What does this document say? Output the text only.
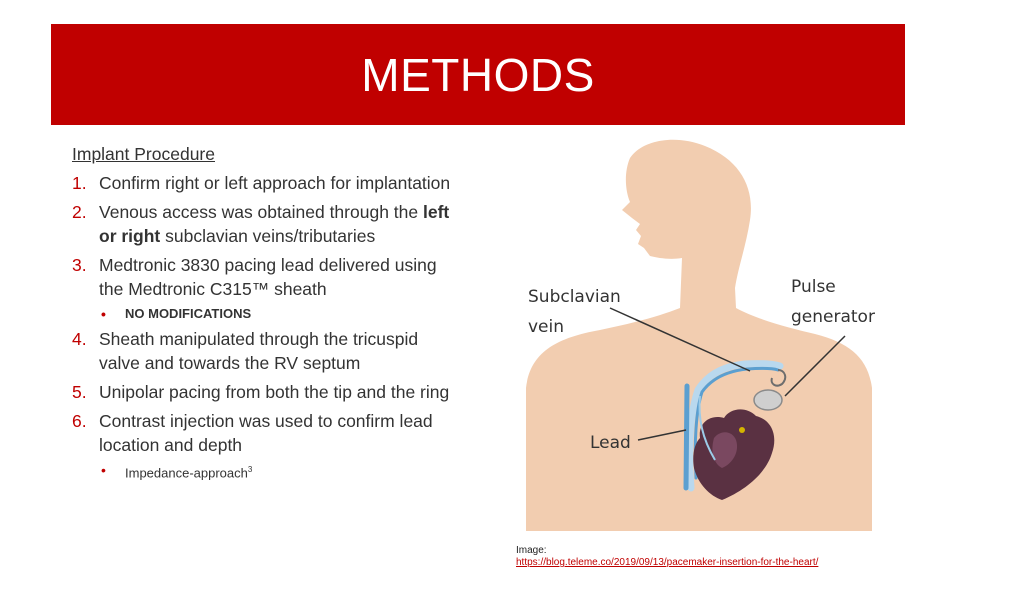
METHODS
Implant Procedure
1. Confirm right or left approach for implantation
2. Venous access was obtained through the left or right subclavian veins/tributaries
3. Medtronic 3830 pacing lead delivered using the Medtronic C315™ sheath
• NO MODIFICATIONS
4. Sheath manipulated through the tricuspid valve and towards the RV septum
5. Unipolar pacing from both the tip and the ring
6. Contrast injection was used to confirm lead location and depth
• Impedance-approach$^3$
Subclavian
vein
Pulse
generator
Lead
Image:
https://blog.teleme.co/2019/09/13/pacemaker-insertion-for-the-heart/
